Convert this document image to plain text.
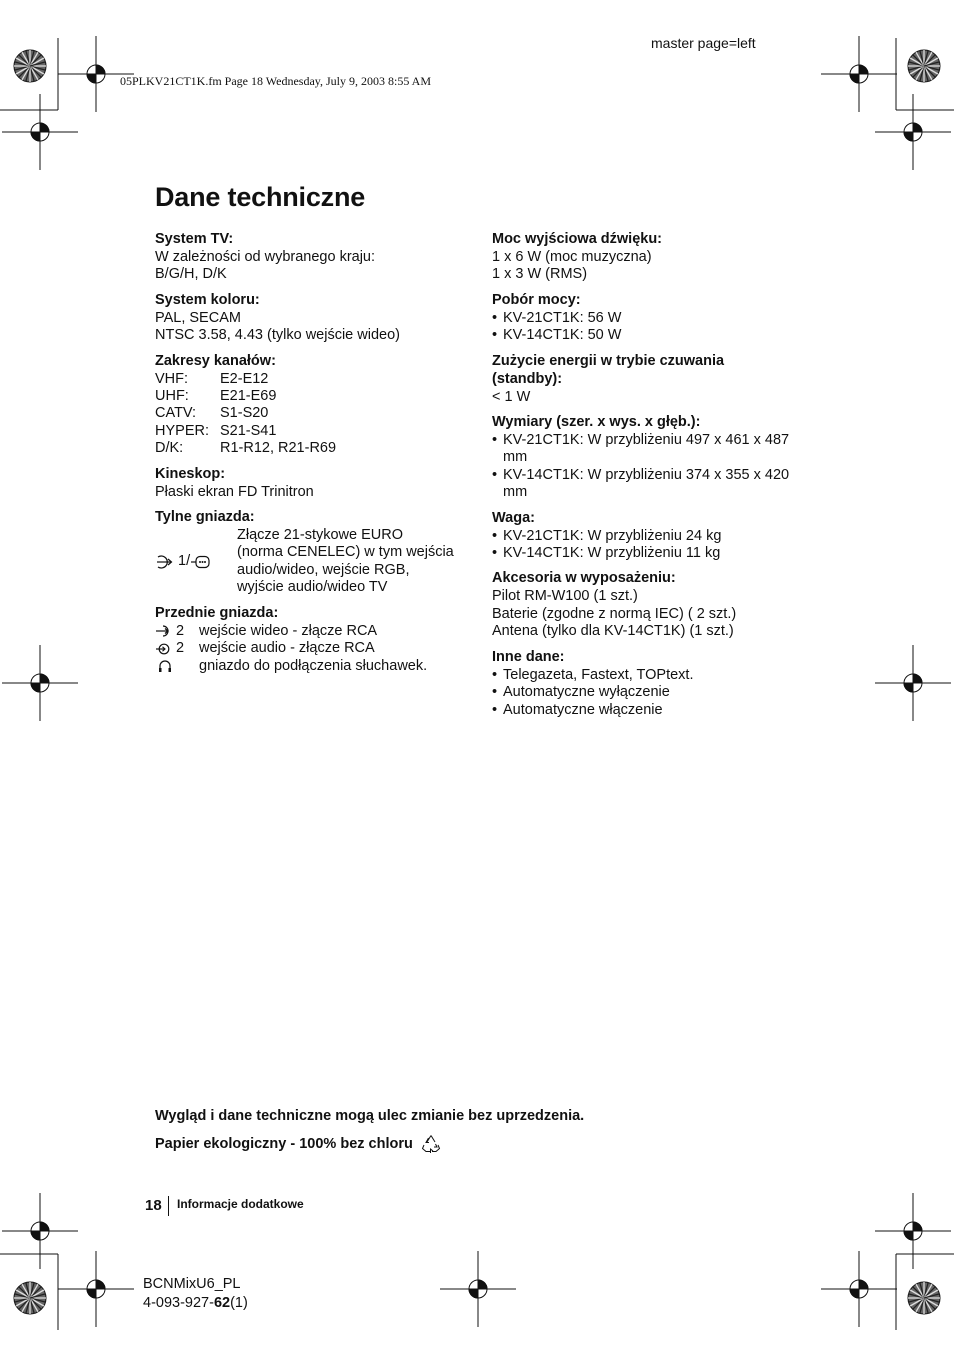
master page=left
05PLKV21CT1K.fm Page 18 Wednesday, July 9, 2003 8:55 AM
Dane techniczne
System TV:
W zależności od wybranego kraju:
B/G/H, D/K
System koloru:
PAL, SECAM
NTSC 3.58, 4.43 (tylko wejście wideo)
Zakresy kanałów:
VHF:	E2-E12
UHF:	E21-E69
CATV:	S1-S20
HYPER: S21-S41
D/K:	R1-R12, R21-R69
Kineskop:
Płaski ekran FD Trinitron
Tylne gniazda:
1/
Złącze 21-stykowe EURO
(norma CENELEC) w tym wejścia
audio/wideo, wejście RGB,
wyjście audio/wideo TV
Przednie gniazda:
2 wejście wideo - złącze RCA
2 wejście audio - złącze RCA
gniazdo do podłączenia słuchawek.
Moc wyjściowa dźwięku:
1 x 6 W (moc muzyczna)
1 x 3 W (RMS)
Pobór mocy:
• KV-21CT1K: 56 W
• KV-14CT1K: 50 W
Zużycie energii w trybie czuwania (standby):
< 1 W
Wymiary (szer. x wys. x głęb.):
• KV-21CT1K: W przybliżeniu 497 x 461 x 487 mm
• KV-14CT1K: W przybliżeniu 374 x 355 x 420 mm
Waga:
• KV-21CT1K: W przybliżeniu 24 kg
• KV-14CT1K: W przybliżeniu 11 kg
Akcesoria w wyposażeniu:
Pilot RM-W100 (1 szt.)
Baterie (zgodne z normą IEC) ( 2 szt.)
Antena (tylko dla KV-14CT1K) (1 szt.)
Inne dane:
• Telegazeta, Fastext, TOPtext.
• Automatyczne wyłączenie
• Automatyczne włączenie
Wygląd i dane techniczne mogą ulec zmianie bez uprzedzenia.
Papier ekologiczny - 100% bez chloru
18 Informacje dodatkowe
BCNMixU6_PL
4-093-927-62(1)
